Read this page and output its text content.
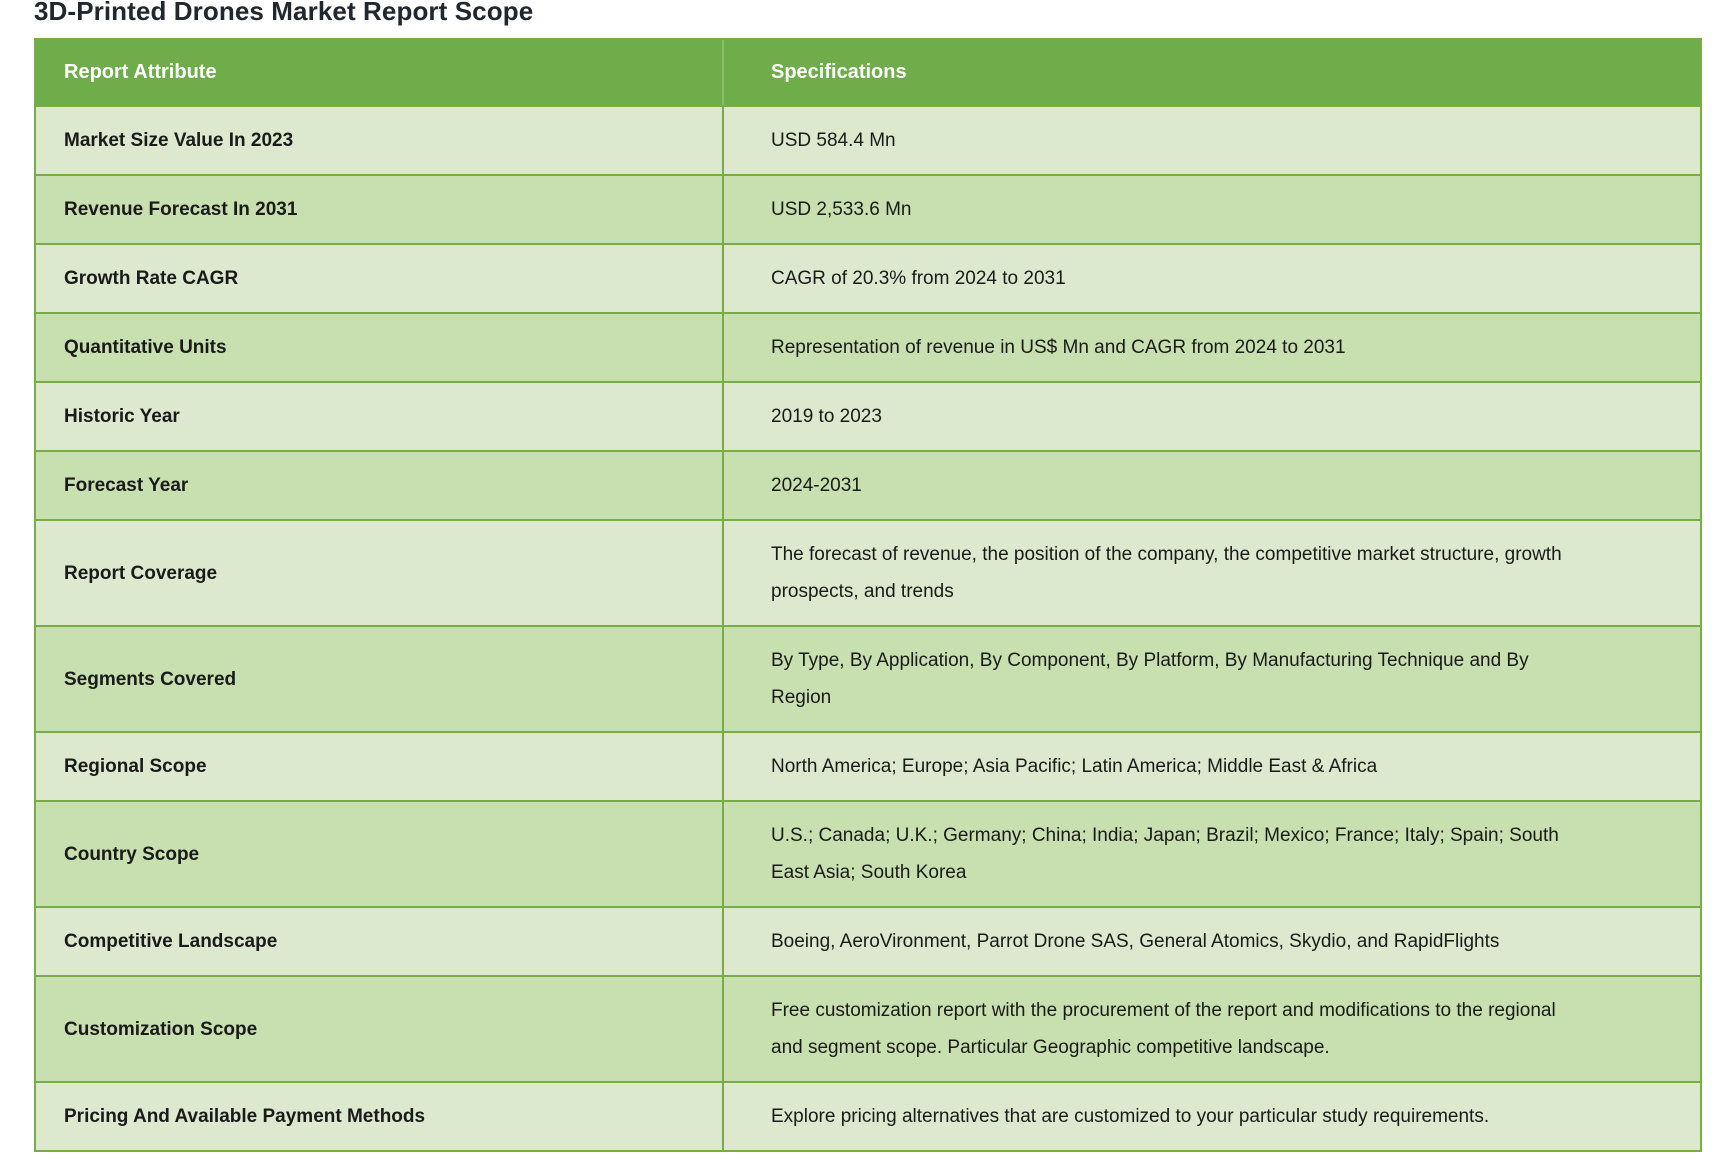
3D-Printed Drones Market Report Scope
Report Attribute	Specifications
Market Size Value In 2023	USD 584.4 Mn

Revenue Forecast In 2031	USD 2,533.6 Mn

Growth Rate CAGR	CAGR of 20.3% from 2024 to 2031

Quantitative Units	Representation of revenue in US$ Mn and CAGR from 2024 to 2031

Historic Year	2019 to 2023

Forecast Year	2024-2031

Report Coverage	The forecast of revenue, the position of the company, the competitive market structure, growth prospects, and trends

Segments Covered	By Type, By Application, By Component, By Platform, By Manufacturing Technique and By Region

Regional Scope	North America; Europe; Asia Pacific; Latin America; Middle East & Africa

Country Scope	U.S.; Canada; U.K.; Germany; China; India; Japan; Brazil; Mexico; France; Italy; Spain; South East Asia; South Korea

Competitive Landscape	Boeing, AeroVironment, Parrot Drone SAS, General Atomics, Skydio, and RapidFlights

Customization Scope	Free customization report with the procurement of the report and modifications to the regional and segment scope. Particular Geographic competitive landscape.

Pricing And Available Payment Methods	Explore pricing alternatives that are customized to your particular study requirements.
